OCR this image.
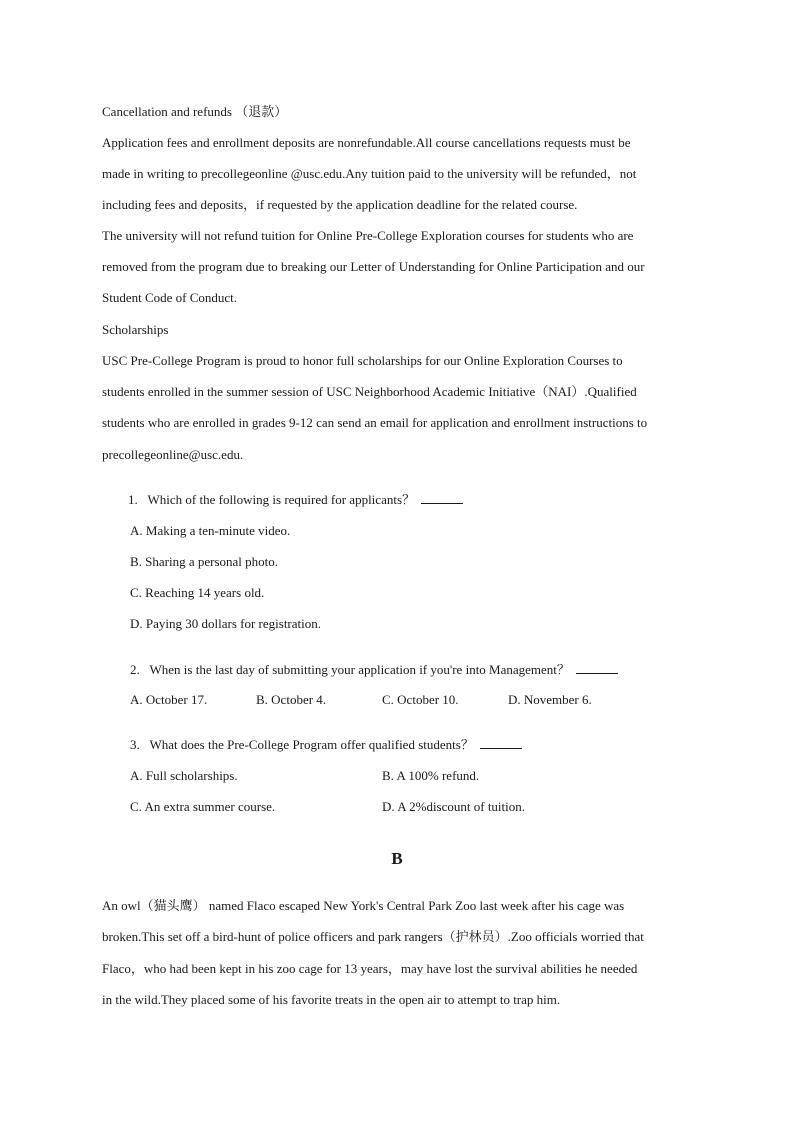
Cancellation and refunds （退款）
Application fees and enrollment deposits are nonrefundable.All course cancellations requests must be
made in writing to precollegeonline @usc.edu.Any tuition paid to the university will be refunded，not
including fees and deposits，if requested by the application deadline for the related course.
The university will not refund tuition for Online Pre-College Exploration courses for students who are
removed from the program due to breaking our Letter of Understanding for Online Participation and our
Student Code of Conduct.
Scholarships
USC Pre-College Program is proud to honor full scholarships for our Online Exploration Courses to
students enrolled in the summer session of USC Neighborhood Academic Initiative（NAI）.Qualified
students who are enrolled in grades 9-12 can send an email for application and enrollment instructions to
precollegeonline@usc.edu.
1. Which of the following is required for applicants？
A. Making a ten-minute video.
B. Sharing a personal photo.
C. Reaching 14 years old.
D. Paying 30 dollars for registration.
2. When is the last day of submitting your application if you're into Management？
A. October 17.	B. October 4.	C. October 10.	D. November 6.
3. What does the Pre-College Program offer qualified students？
A. Full scholarships.	B. A 100% refund.
C. An extra summer course.	D. A 2%discount of tuition.
B
An owl（猫头鹰） named Flaco escaped New York's Central Park Zoo last week after his cage was
broken.This set off a bird-hunt of police officers and park rangers（护林员）.Zoo officials worried that
Flaco，who had been kept in his zoo cage for 13 years，may have lost the survival abilities he needed
in the wild.They placed some of his favorite treats in the open air to attempt to trap him.
